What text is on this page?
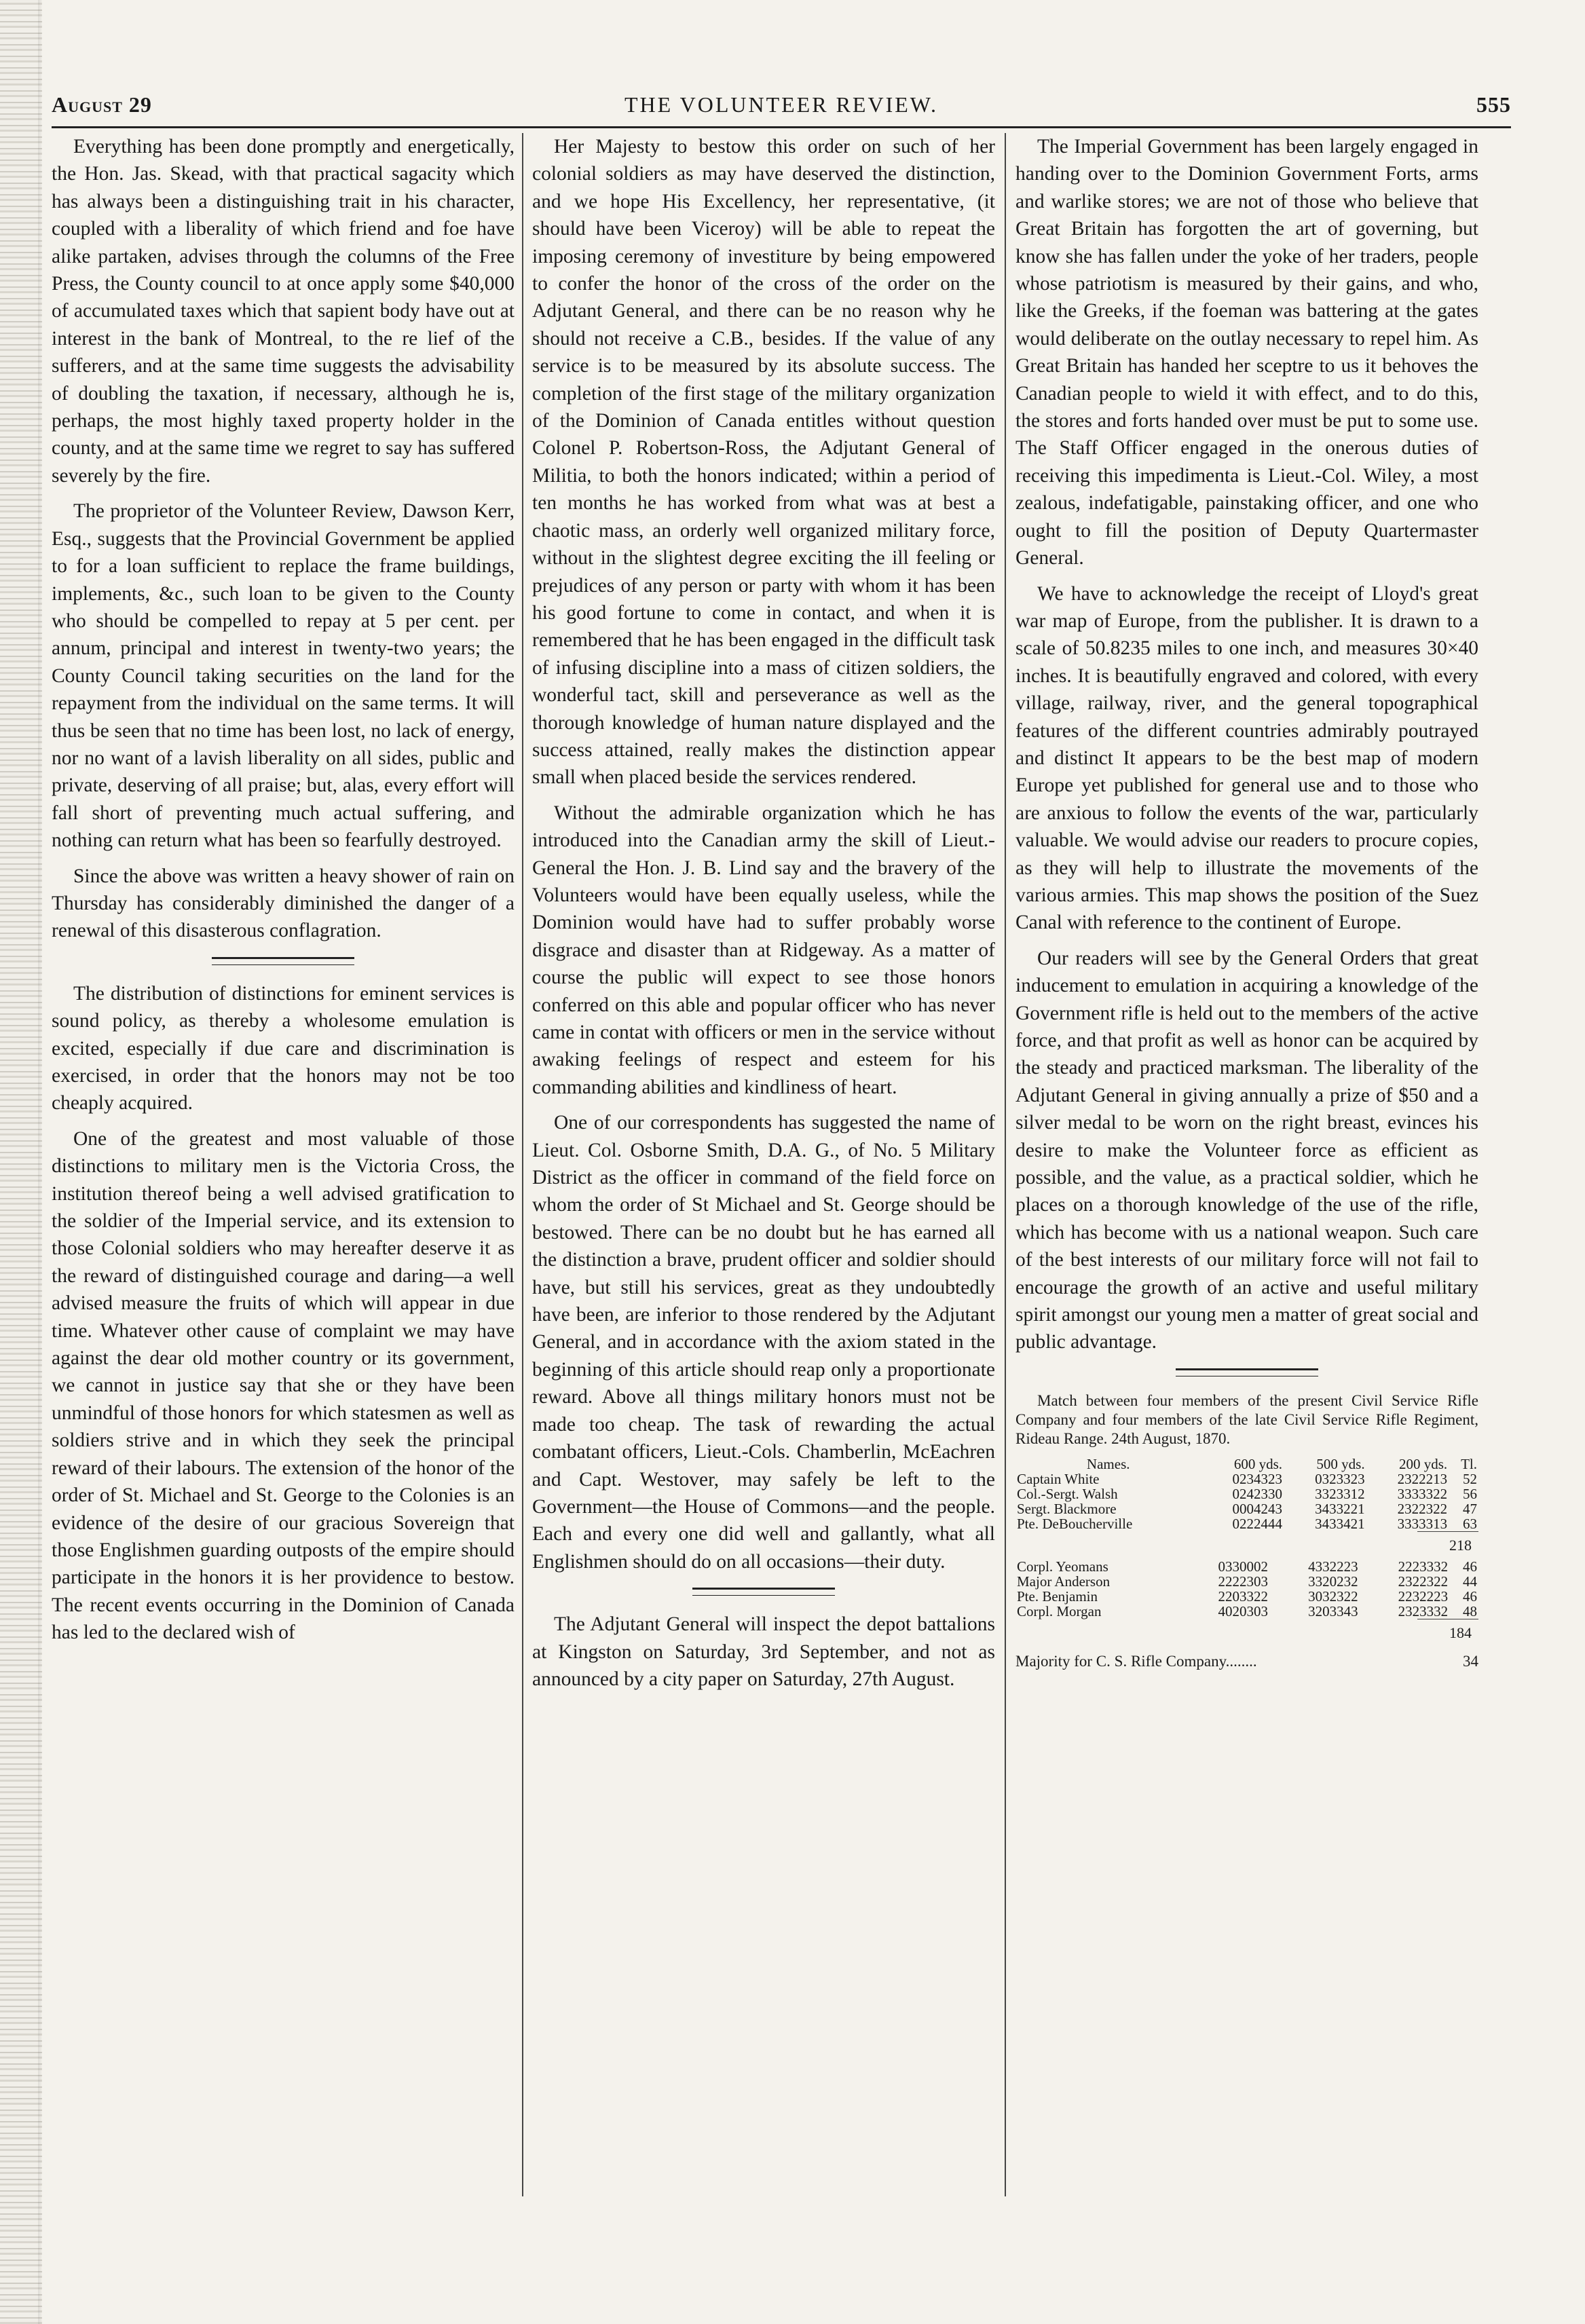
August 29	THE VOLUNTEER REVIEW.	555

Everything has been done promptly and energetically, the Hon. Jas. Skead, with that practical sagacity which has always been a distinguishing trait in his character, coupled with a liberality of which friend and foe have alike partaken, advises through the columns of the Free Press, the County council to at once apply some $40,000 of accumulated taxes which that sapient body have out at interest in the bank of Montreal, to the re lief of the sufferers, and at the same time suggests the advisability of doubling the taxation, if necessary, although he is, perhaps, the most highly taxed property holder in the county, and at the same time we regret to say has suffered severely by the fire.

The proprietor of the Volunteer Review, Dawson Kerr, Esq., suggests that the Provincial Government be applied to for a loan sufficient to replace the frame buildings, implements, &c., such loan to be given to the County who should be compelled to repay at 5 per cent. per annum, principal and interest in twenty-two years; the County Council taking securities on the land for the repayment from the individual on the same terms. It will thus be seen that no time has been lost, no lack of energy, nor no want of a lavish liberality on all sides, public and private, deserving of all praise; but, alas, every effort will fall short of preventing much actual suffering, and nothing can return what has been so fearfully destroyed.

Since the above was written a heavy shower of rain on Thursday has considerably diminished the danger of a renewal of this disasterous conflagration.

The distribution of distinctions for eminent services is sound policy, as thereby a wholesome emulation is excited, especially if due care and discrimination is exercised, in order that the honors may not be too cheaply acquired.

One of the greatest and most valuable of those distinctions to military men is the Victoria Cross, the institution thereof being a well advised gratification to the soldier of the Imperial service, and its extension to those Colonial soldiers who may hereafter deserve it as the reward of distinguished courage and daring—a well advised measure the fruits of which will appear in due time. Whatever other cause of complaint we may have against the dear old mother country or its government, we cannot in justice say that she or they have been unmindful of those honors for which statesmen as well as soldiers strive and in which they seek the principal reward of their labours. The extension of the honor of the order of St. Michael and St. George to the Colonies is an evidence of the desire of our gracious Sovereign that those Englishmen guarding outposts of the empire should participate in the honors it is her providence to bestow. The recent events occurring in the Dominion of Canada has led to the declared wish of

Her Majesty to bestow this order on such of her colonial soldiers as may have deserved the distinction, and we hope His Excellency, her representative, (it should have been Viceroy) will be able to repeat the imposing ceremony of investiture by being empowered to confer the honor of the cross of the order on the Adjutant General, and there can be no reason why he should not receive a C.B., besides. If the value of any service is to be measured by its absolute success. The completion of the first stage of the military organization of the Dominion of Canada entitles without question Colonel P. Robertson-Ross, the Adjutant General of Militia, to both the honors indicated; within a period of ten months he has worked from what was at best a chaotic mass, an orderly well organized military force, without in the slightest degree exciting the ill feeling or prejudices of any person or party with whom it has been his good fortune to come in contact, and when it is remembered that he has been engaged in the difficult task of infusing discipline into a mass of citizen soldiers, the wonderful tact, skill and perseverance as well as the thorough knowledge of human nature displayed and the success attained, really makes the distinction appear small when placed beside the services rendered.

Without the admirable organization which he has introduced into the Canadian army the skill of Lieut.-General the Hon. J. B. Lind say and the bravery of the Volunteers would have been equally useless, while the Dominion would have had to suffer probably worse disgrace and disaster than at Ridgeway. As a matter of course the public will expect to see those honors conferred on this able and popular officer who has never came in contat with officers or men in the service without awaking feelings of respect and esteem for his commanding abilities and kindliness of heart.

One of our correspondents has suggested the name of Lieut. Col. Osborne Smith, D.A. G., of No. 5 Military District as the officer in command of the field force on whom the order of St Michael and St. George should be bestowed. There can be no doubt but he has earned all the distinction a brave, prudent officer and soldier should have, but still his services, great as they undoubtedly have been, are inferior to those rendered by the Adjutant General, and in accordance with the axiom stated in the beginning of this article should reap only a proportionate reward. Above all things military honors must not be made too cheap. The task of rewarding the actual combatant officers, Lieut.-Cols. Chamberlin, McEachren and Capt. Westover, may safely be left to the Government—the House of Commons—and the people. Each and every one did well and gallantly, what all Englishmen should do on all occasions—their duty.

The Adjutant General will inspect the depot battalions at Kingston on Saturday, 3rd September, and not as announced by a city paper on Saturday, 27th August.

The Imperial Government has been largely engaged in handing over to the Dominion Government Forts, arms and warlike stores; we are not of those who believe that Great Britain has forgotten the art of governing, but know she has fallen under the yoke of her traders, people whose patriotism is measured by their gains, and who, like the Greeks, if the foeman was battering at the gates would deliberate on the outlay necessary to repel him. As Great Britain has handed her sceptre to us it behoves the Canadian people to wield it with effect, and to do this, the stores and forts handed over must be put to some use. The Staff Officer engaged in the onerous duties of receiving this impedimenta is Lieut.-Col. Wiley, a most zealous, indefatigable, painstaking officer, and one who ought to fill the position of Deputy Quartermaster General.

We have to acknowledge the receipt of Lloyd's great war map of Europe, from the publisher. It is drawn to a scale of 50.8235 miles to one inch, and measures 30×40 inches. It is beautifully engraved and colored, with every village, railway, river, and the general topographical features of the different countries admirably poutrayed and distinct It appears to be the best map of modern Europe yet published for general use and to those who are anxious to follow the events of the war, particularly valuable. We would advise our readers to procure copies, as they will help to illustrate the movements of the various armies. This map shows the position of the Suez Canal with reference to the continent of Europe.

Our readers will see by the General Orders that great inducement to emulation in acquiring a knowledge of the Government rifle is held out to the members of the active force, and that profit as well as honor can be acquired by the steady and practiced marksman. The liberality of the Adjutant General in giving annually a prize of $50 and a silver medal to be worn on the right breast, evinces his desire to make the Volunteer force as efficient as possible, and the value, as a practical soldier, which he places on a thorough knowledge of the use of the rifle, which has become with us a national weapon. Such care of the best interests of our military force will not fail to encourage the growth of an active and useful military spirit amongst our young men a matter of great social and public advantage.

Match between four members of the present Civil Service Rifle Company and four members of the late Civil Service Rifle Regiment, Rideau Range. 24th August, 1870.

Names.	600 yds.	500 yds.	200 yds.	Tl.
Captain White	0234323	0323323	2322213	52
Col.-Sergt. Walsh	0242330	3323312	3333322	56
Sergt. Blackmore	0004243	3433221	2322322	47
Pte. DeBoucherville	0222444	3433421	3333313	63
218
Corpl. Yeomans	0330002	4332223	2223332	46
Major Anderson	2222303	3320232	2322322	44
Pte. Benjamin	2203322	3032322	2232223	46
Corpl. Morgan	4020303	3203343	2323332	48
184
Majority for C. S. Rifle Company........	34
